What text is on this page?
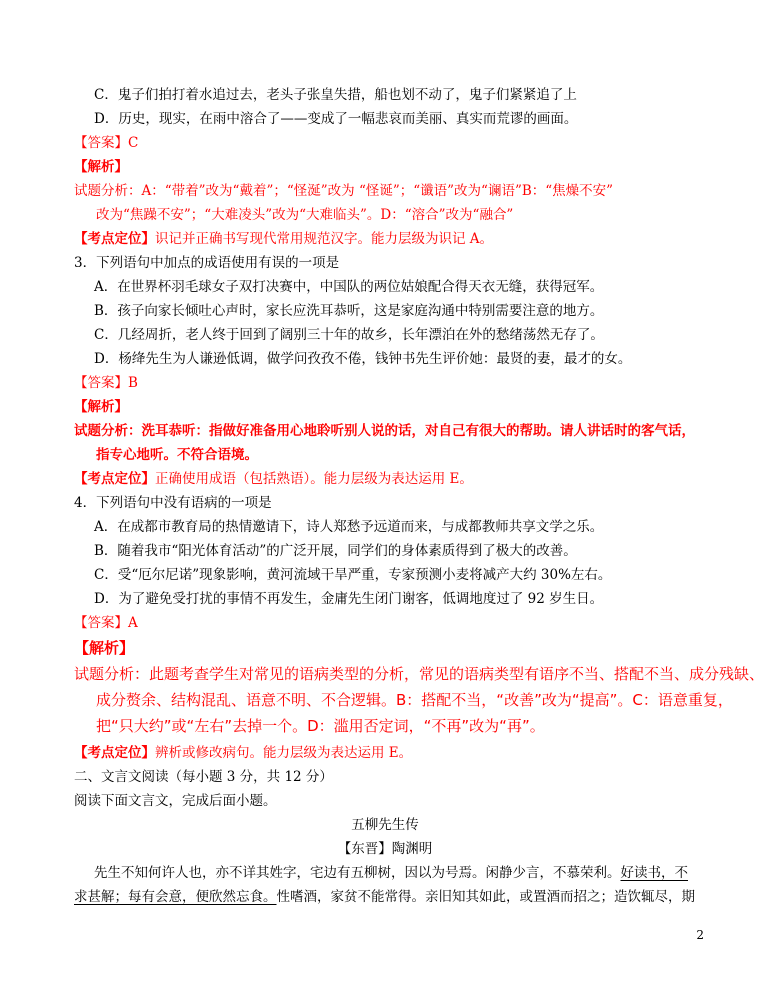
C．鬼子们拍打着水追过去，老头子张皇失措，船也划不动了，鬼子们紧紧追了上
D．历史，现实，在雨中溶合了——变成了一幅悲哀而美丽、真实而荒谬的画面。
【答案】C
【解析】
试题分析：A：“带着”改为“戴着”；“怪涎”改为 “怪诞”；“谶语”改为“谰语”B：“焦燥不安”
改为“焦躁不安”；“大难凌头”改为“大难临头”。D：“溶合”改为“融合”
【考点定位】识记并正确书写现代常用规范汉字。能力层级为识记 A。
3．下列语句中加点的成语使用有误的一项是
A．在世界杯羽毛球女子双打决赛中，中国队的两位姑娘配合得天衣无缝，获得冠军。
B．孩子向家长倾吐心声时，家长应洗耳恭听，这是家庭沟通中特别需要注意的地方。
C．几经周折，老人终于回到了阔别三十年的故乡，长年漂泊在外的愁绪荡然无存了。
D．杨绛先生为人谦逊低调，做学问孜孜不倦，钱钟书先生评价她：最贤的妻，最才的女。
【答案】B
【解析】
试题分析：洗耳恭听：指做好准备用心地聆听别人说的话，对自己有很大的帮助。请人讲话时的客气话，
指专心地听。不符合语境。
【考点定位】正确使用成语（包括熟语）。能力层级为表达运用 E。
4．下列语句中没有语病的一项是
A．在成都市教育局的热情邀请下，诗人郑愁予远道而来，与成都教师共享文学之乐。
B．随着我市“阳光体育活动”的广泛开展，同学们的身体素质得到了极大的改善。
C．受“厄尔尼诺”现象影响，黄河流域干旱严重，专家预测小麦将减产大约 30%左右。
D．为了避免受打扰的事情不再发生，金庸先生闭门谢客，低调地度过了 92 岁生日。
【答案】A
【解析】
试题分析：此题考查学生对常见的语病类型的分析，常见的语病类型有语序不当、搭配不当、成分残缺、
成分赘余、结构混乱、语意不明、不合逻辑。B：搭配不当，“改善”改为“提高”。C：语意重复，
把“只大约”或“左右”去掉一个。D：滥用否定词，“不再”改为“再”。
【考点定位】辨析或修改病句。能力层级为表达运用 E。
二、文言文阅读（每小题 3 分，共 12 分）
阅读下面文言文，完成后面小题。
五柳先生传
【东晋】陶渊明
先生不知何许人也，亦不详其姓字，宅边有五柳树，因以为号焉。闲静少言，不慕荣利。好读书，不
求甚解；每有会意，便欣然忘食。性嗜酒，家贫不能常得。亲旧知其如此，或置酒而招之；造饮辄尽，期
2
